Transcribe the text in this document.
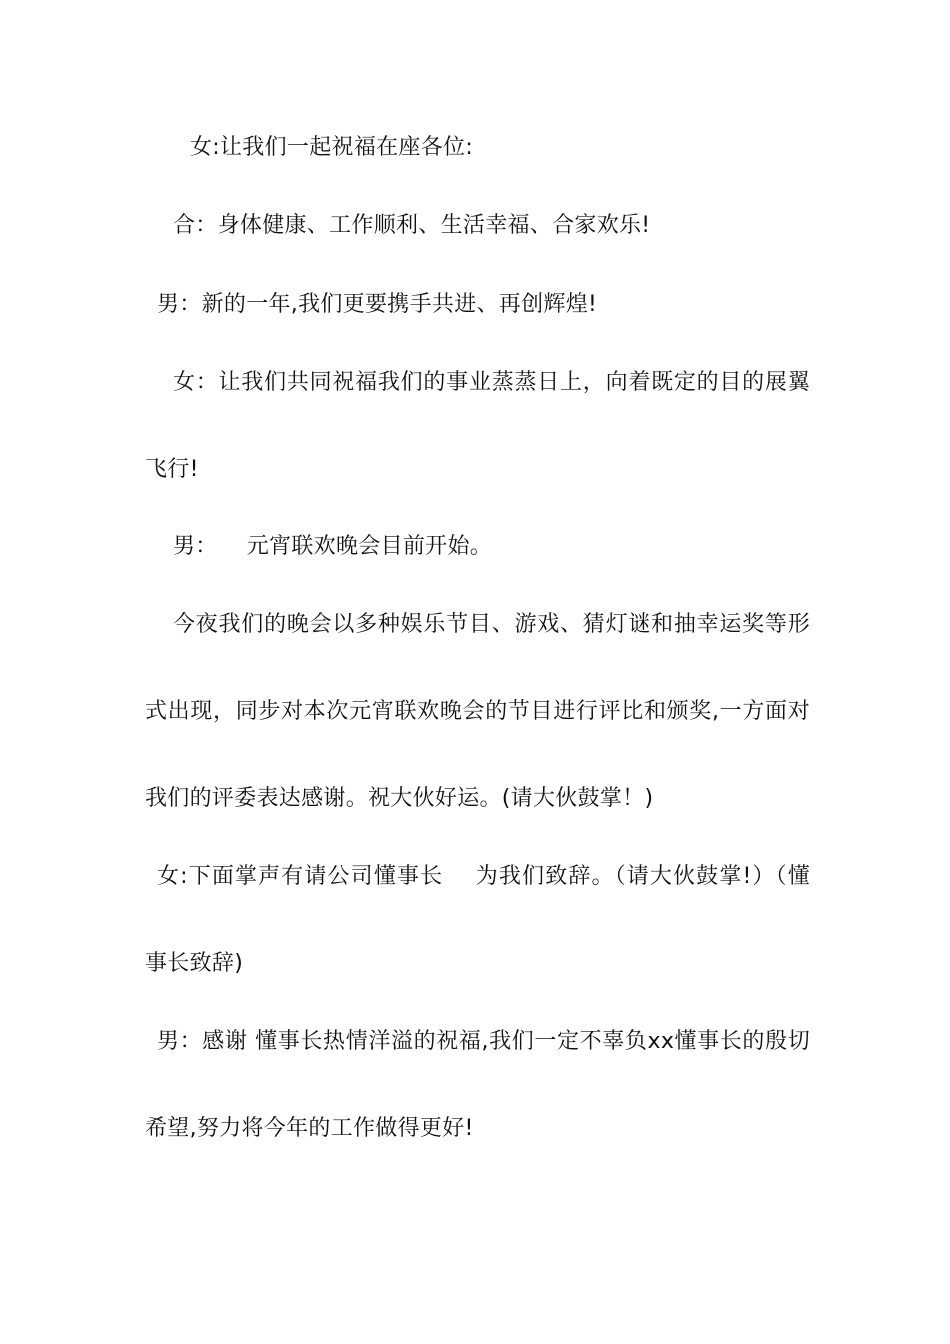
女:让我们一起祝福在座各位:
合：身体健康、工作顺利、生活幸福、合家欢乐!
男：新的一年,我们更要携手共进、再创辉煌!
女：让我们共同祝福我们的事业蒸蒸日上，向着既定的目的展翼
飞行!
男：    元宵联欢晚会目前开始。
今夜我们的晚会以多种娱乐节目、游戏、猜灯谜和抽幸运奖等形
式出现，同步对本次元宵联欢晚会的节目进行评比和颁奖,一方面对
我们的评委表达感谢。祝大伙好运。(请大伙鼓掌！)
女:下面掌声有请公司懂事长    为我们致辞。（请大伙鼓掌!）（懂
事长致辞)
男：感谢 懂事长热情洋溢的祝福,我们一定不辜负xx懂事长的殷切
希望,努力将今年的工作做得更好!
